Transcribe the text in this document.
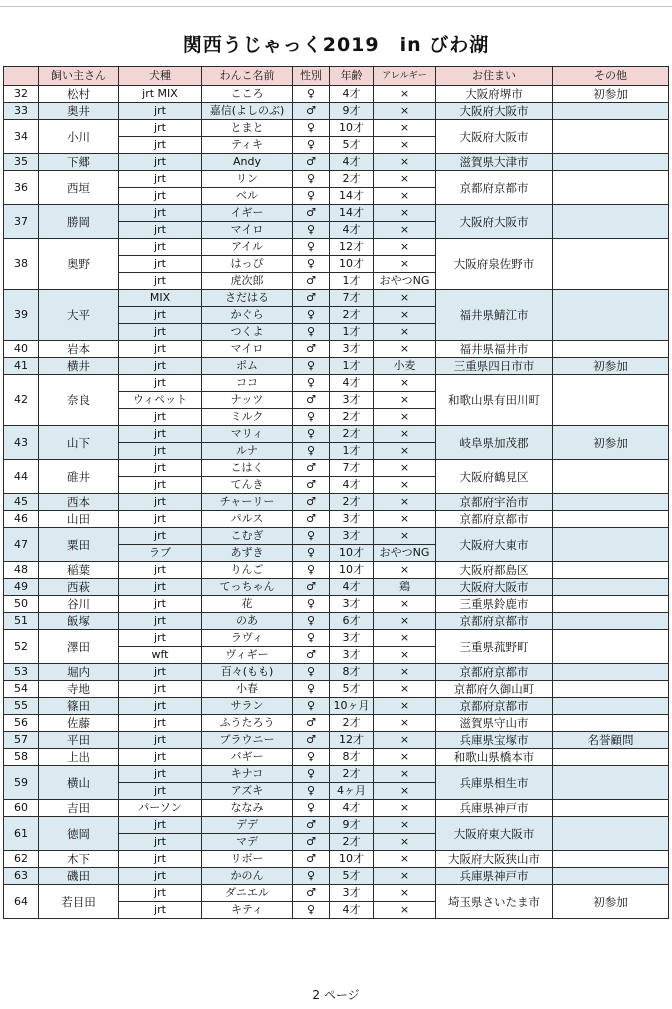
関西うじゃっく2019　in びわ湖
	飼い主さん	犬種	わんこ名前	性別	年齢	アレルギー	お住まい	その他
32	松村	jrt MIX	こころ	♀	4才	×	大阪府堺市	初参加
33	奥井	jrt	嘉信(よしのぶ)	♂	9才	×	大阪府大阪市	
34	小川	jrt	とまと	♀	10才	×	大阪府大阪市	
		jrt	ティキ	♀	5才	×		
35	下郷	jrt	Andy	♂	4才	×	滋賀県大津市	
36	西垣	jrt	リン	♀	2才	×	京都府京都市	
		jrt	ベル	♀	14才	×		
37	勝岡	jrt	イギー	♂	14才	×	大阪府大阪市	
		jrt	マイロ	♀	4才	×		
38	奥野	jrt	アイル	♀	12才	×	大阪府泉佐野市	
		jrt	はっぴ	♀	10才	×		
		jrt	虎次郎	♂	1才	おやつNG		
39	大平	MIX	さだはる	♂	7才	×	福井県鯖江市	
		jrt	かぐら	♀	2才	×		
		jrt	つくよ	♀	1才	×		
40	岩本	jrt	マイロ	♂	3才	×	福井県福井市	
41	横井	jrt	ポム	♀	1才	小麦	三重県四日市市	初参加
42	奈良	jrt	ココ	♀	4才	×	和歌山県有田川町	
		ウィペット	ナッツ	♂	3才	×		
		jrt	ミルク	♀	2才	×		
43	山下	jrt	マリィ	♀	2才	×	岐阜県加茂郡	初参加
		jrt	ルナ	♀	1才	×		
44	碓井	jrt	こはく	♂	7才	×	大阪府鶴見区	
		jrt	てんき	♂	4才	×		
45	西本	jrt	チャーリー	♂	2才	×	京都府宇治市	
46	山田	jrt	パルス	♂	3才	×	京都府京都市	
47	粟田	jrt	こむぎ	♀	3才	×	大阪府大東市	
		ラブ	あずき	♀	10才	おやつNG		
48	稲葉	jrt	りんご	♀	10才	×	大阪府都島区	
49	西萩	jrt	てっちゃん	♂	4才	鶏	大阪府大阪市	
50	谷川	jrt	花	♀	3才	×	三重県鈴鹿市	
51	飯塚	jrt	のあ	♀	6才	×	京都府京都市	
52	澤田	jrt	ラヴィ	♀	3才	×	三重県菰野町	
		wft	ヴィギー	♂	3才	×		
53	堀内	jrt	百々(もも)	♀	8才	×	京都府京都市	
54	寺地	jrt	小春	♀	5才	×	京都府久御山町	
55	篠田	jrt	サラン	♀	10ヶ月	×	京都府京都市	
56	佐藤	jrt	ふうたろう	♂	2才	×	滋賀県守山市	
57	平田	jrt	ブラウニー	♂	12才	×	兵庫県宝塚市	名誉顧問
58	上出	jrt	バギー	♀	8才	×	和歌山県橋本市	
59	横山	jrt	キナコ	♀	2才	×	兵庫県相生市	
		jrt	アズキ	♀	4ヶ月	×		
60	吉田	パーソン	ななみ	♀	4才	×	兵庫県神戸市	
61	徳岡	jrt	デデ	♂	9才	×	大阪府東大阪市	
		jrt	マデ	♂	2才	×		
62	木下	jrt	リボー	♂	10才	×	大阪府大阪狭山市	
63	磯田	jrt	かのん	♀	5才	×	兵庫県神戸市	
64	若目田	jrt	ダニエル	♂	3才	×	埼玉県さいたま市	初参加
		jrt	キティ	♀	4才	×		
2 ページ
